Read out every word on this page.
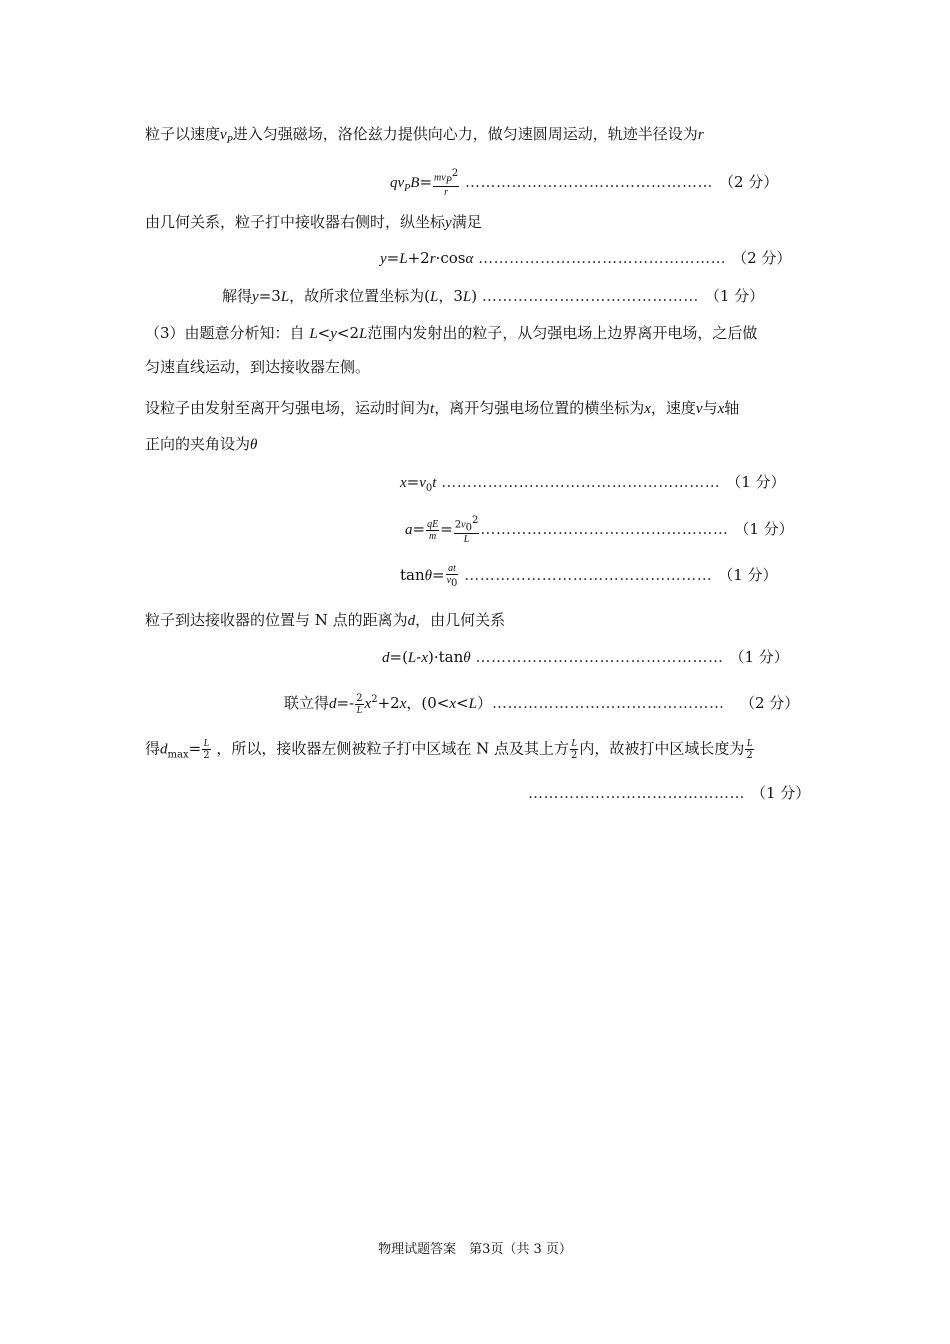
粒子以速度$v_P$进入匀强磁场，洛伦兹力提供向心力，做匀速圆周运动，轨迹半径设为r
$qv_PB= \frac{mv_P^2}{r}$ ………………………………………… （2 分）
由几何关系，粒子打中接收器右侧时，纵坐标y满足
y=L+2r·cosα ………………………………………… （2 分）
解得y=3L，故所求位置坐标为(L，3L) …………………………………… （1 分）
（3）由题意分析知：自 L<y<2L范围内发射出的粒子，从匀强电场上边界离开电场，之后做
匀速直线运动，到达接收器左侧。
设粒子由发射至离开匀强电场，运动时间为t，离开匀强电场位置的横坐标为x，速度v与x轴
正向的夹角设为θ
$x=v_0t$ ……………………………………………… （1 分）
$a= \frac{qE}{m} = \frac{2v_0^2}{L}$ ………………………………………… （1 分）
$\tan\theta= \frac{at}{v_0}$ ………………………………………… （1 分）
粒子到达接收器的位置与 N 点的距离为d，由几何关系
d=(L-x)·tanθ ………………………………………… （1 分）
联立得$d=- \frac{2}{L} x^2+2x$，(0<x<L）……………………………………… （2 分）
得$d_{max}= \frac{L}{2}$ ，所以，接收器左侧被粒子打中区域在 N 点及其上方 $\frac{L}{2}$ 内，故被打中区域长度为 $\frac{L}{2}$
…………………………………… （1 分）
物理试题答案　第3页（共 3 页）
